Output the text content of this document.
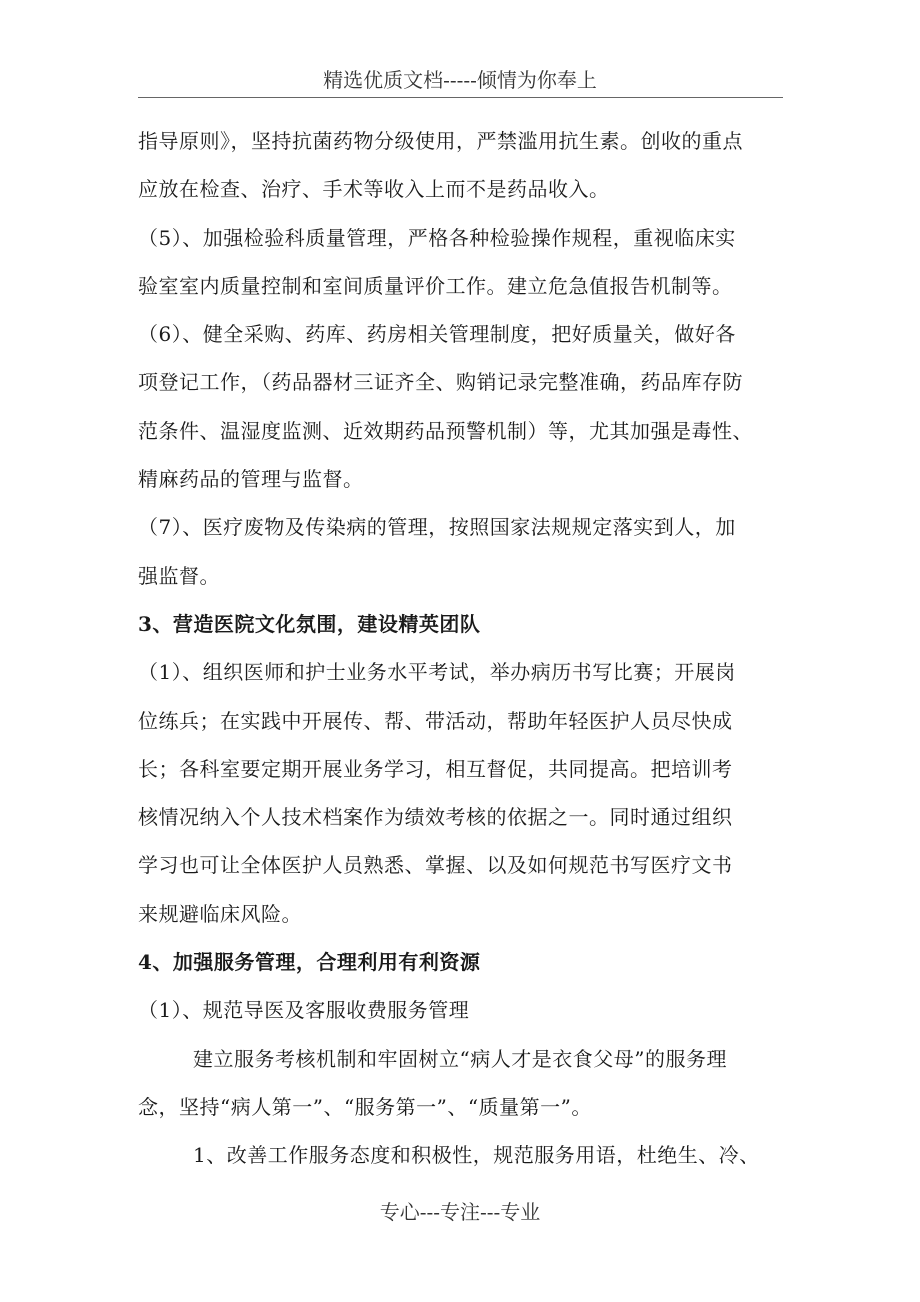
精选优质文档-----倾情为你奉上
指导原则》，坚持抗菌药物分级使用，严禁滥用抗生素。创收的重点
应放在检查、治疗、手术等收入上而不是药品收入。
（5）、加强检验科质量管理，严格各种检验操作规程，重视临床实
验室室内质量控制和室间质量评价工作。建立危急值报告机制等。
（6）、健全采购、药库、药房相关管理制度，把好质量关，做好各
项登记工作，（药品器材三证齐全、购销记录完整准确，药品库存防
范条件、温湿度监测、近效期药品预警机制）等，尤其加强是毒性、
精麻药品的管理与监督。
（7）、医疗废物及传染病的管理，按照国家法规规定落实到人，加
强监督。
3、营造医院文化氛围，建设精英团队
（1）、组织医师和护士业务水平考试，举办病历书写比赛；开展岗
位练兵；在实践中开展传、帮、带活动，帮助年轻医护人员尽快成
长；各科室要定期开展业务学习，相互督促，共同提高。把培训考
核情况纳入个人技术档案作为绩效考核的依据之一。同时通过组织
学习也可让全体医护人员熟悉、掌握、以及如何规范书写医疗文书
来规避临床风险。
4、加强服务管理，合理利用有利资源
（1）、规范导医及客服收费服务管理
建立服务考核机制和牢固树立“病人才是衣食父母”的服务理
念，坚持“病人第一”、“服务第一”、“质量第一”。
1、改善工作服务态度和积极性，规范服务用语，杜绝生、冷、
专心---专注---专业
